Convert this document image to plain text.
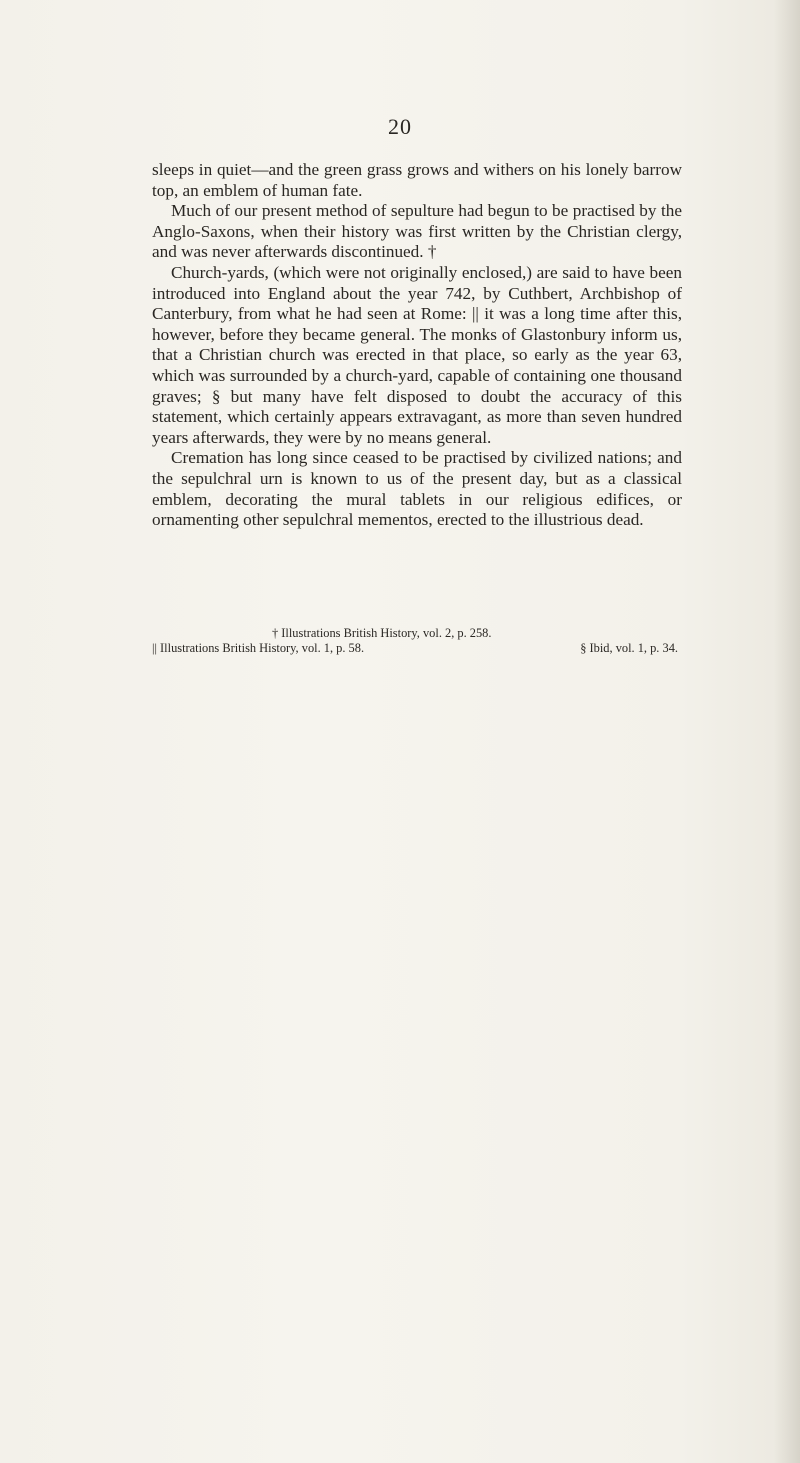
20

sleeps in quiet—and the green grass grows and withers on his lonely barrow top, an emblem of human fate.

Much of our present method of sepulture had begun to be practised by the Anglo-Saxons, when their history was first written by the Christian clergy, and was never afterwards discontinued. †

Church-yards, (which were not originally enclosed,) are said to have been introduced into England about the year 742, by Cuthbert, Archbishop of Canterbury, from what he had seen at Rome: || it was a long time after this, however, before they became general. The monks of Glastonbury inform us, that a Christian church was erected in that place, so early as the year 63, which was surrounded by a church-yard, capable of containing one thousand graves; § but many have felt disposed to doubt the accuracy of this statement, which certainly appears extravagant, as more than seven hundred years afterwards, they were by no means general.

Cremation has long since ceased to be practised by civilized nations; and the sepulchral urn is known to us of the present day, but as a classical emblem, decorating the mural tablets in our religious edifices, or ornamenting other sepulchral mementos, erected to the illustrious dead.

† Illustrations British History, vol. 2, p. 258.
|| Illustrations British History, vol. 1, p. 58.	§ Ibid, vol. 1, p. 34.
